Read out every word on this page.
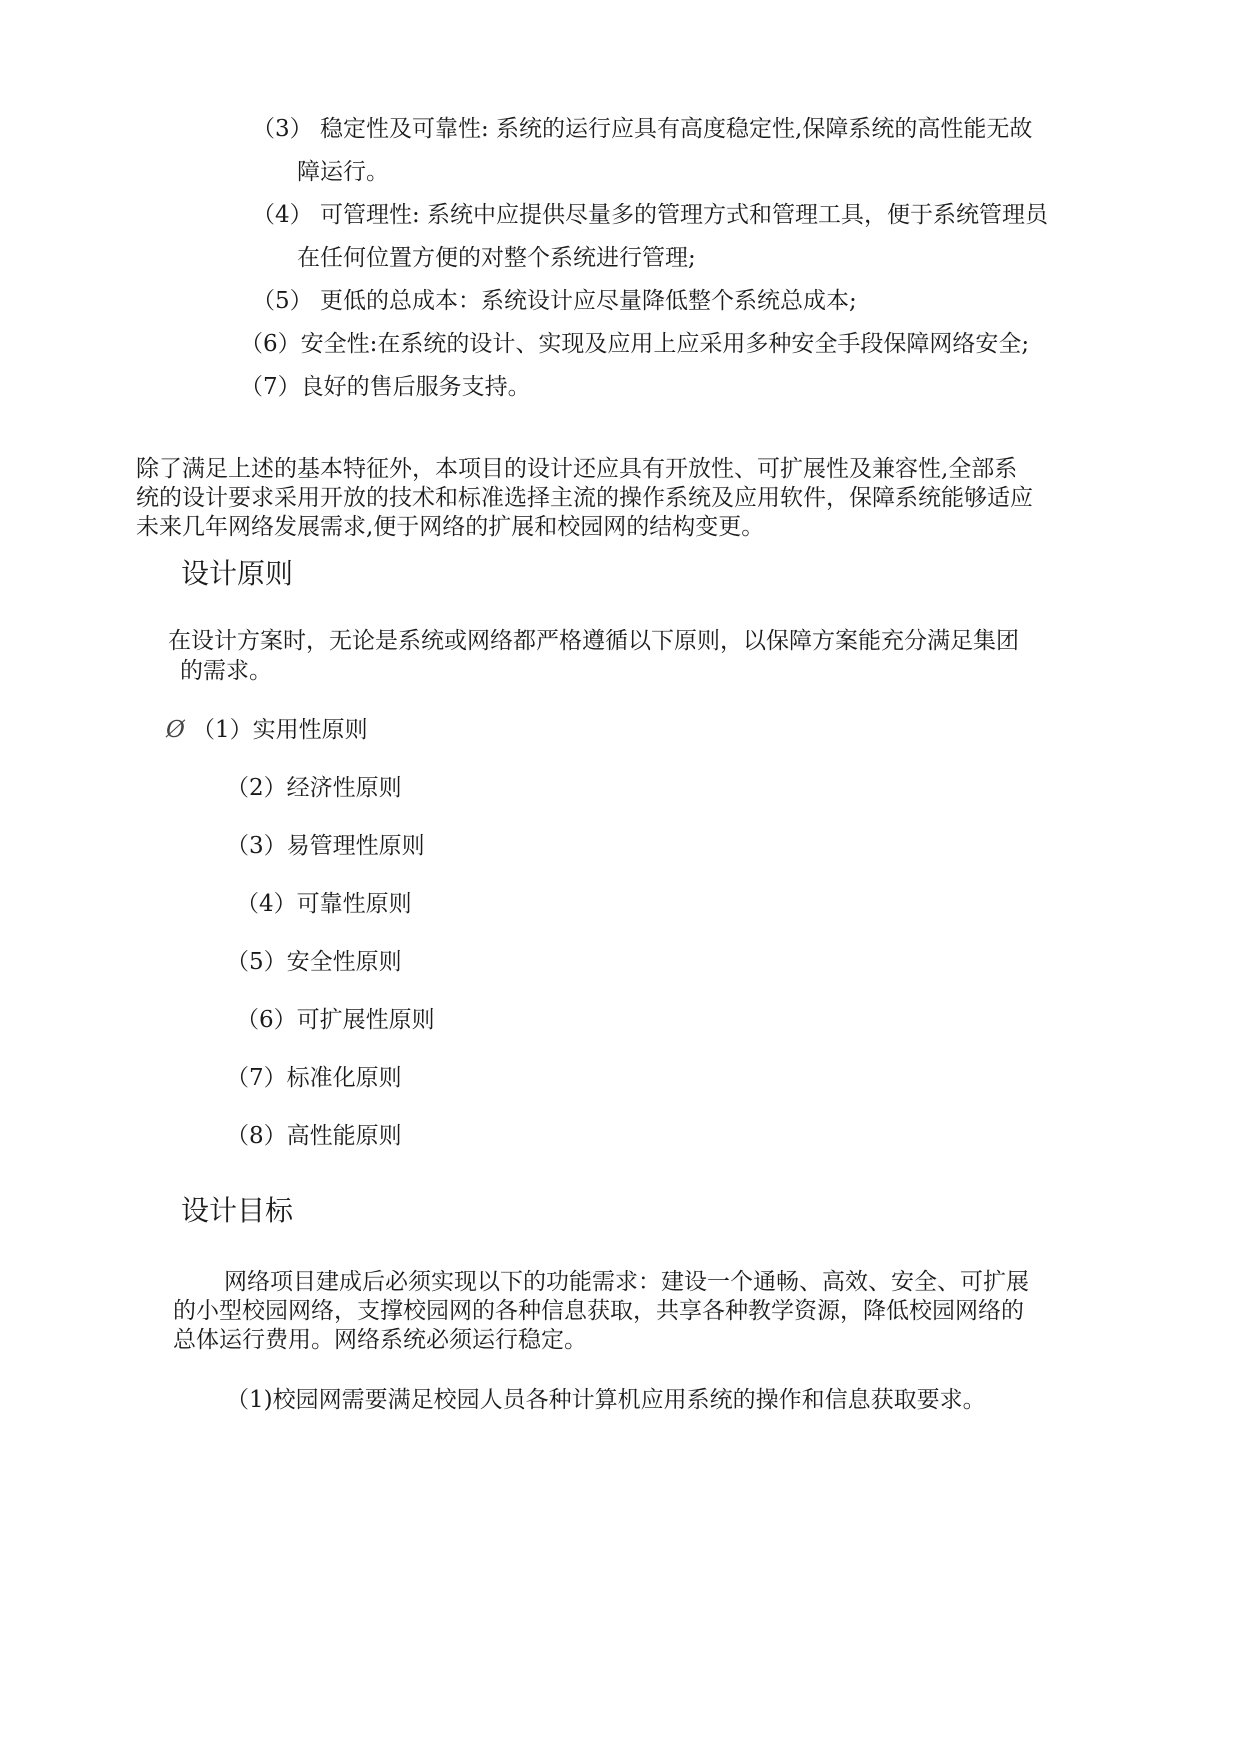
（3） 稳定性及可靠性: 系统的运行应具有高度稳定性,保障系统的高性能无故
障运行。
（4） 可管理性: 系统中应提供尽量多的管理方式和管理工具，便于系统管理员
在任何位置方便的对整个系统进行管理;
（5） 更低的总成本：系统设计应尽量降低整个系统总成本;
（6）安全性:在系统的设计、实现及应用上应采用多种安全手段保障网络安全;
（7）良好的售后服务支持。
除了满足上述的基本特征外，本项目的设计还应具有开放性、可扩展性及兼容性,全部系
统的设计要求采用开放的技术和标准选择主流的操作系统及应用软件，保障系统能够适应
未来几年网络发展需求,便于网络的扩展和校园网的结构变更。
设计原则
在设计方案时，无论是系统或网络都严格遵循以下原则，以保障方案能充分满足集团
的需求。
Ø （1）实用性原则
（2）经济性原则
（3）易管理性原则
（4）可靠性原则
（5）安全性原则
（6）可扩展性原则
（7）标准化原则
（8）高性能原则
设计目标
网络项目建成后必须实现以下的功能需求：建设一个通畅、高效、安全、可扩展
的小型校园网络，支撑校园网的各种信息获取，共享各种教学资源，降低校园网络的
总体运行费用。网络系统必须运行稳定。
（1)校园网需要满足校园人员各种计算机应用系统的操作和信息获取要求。
